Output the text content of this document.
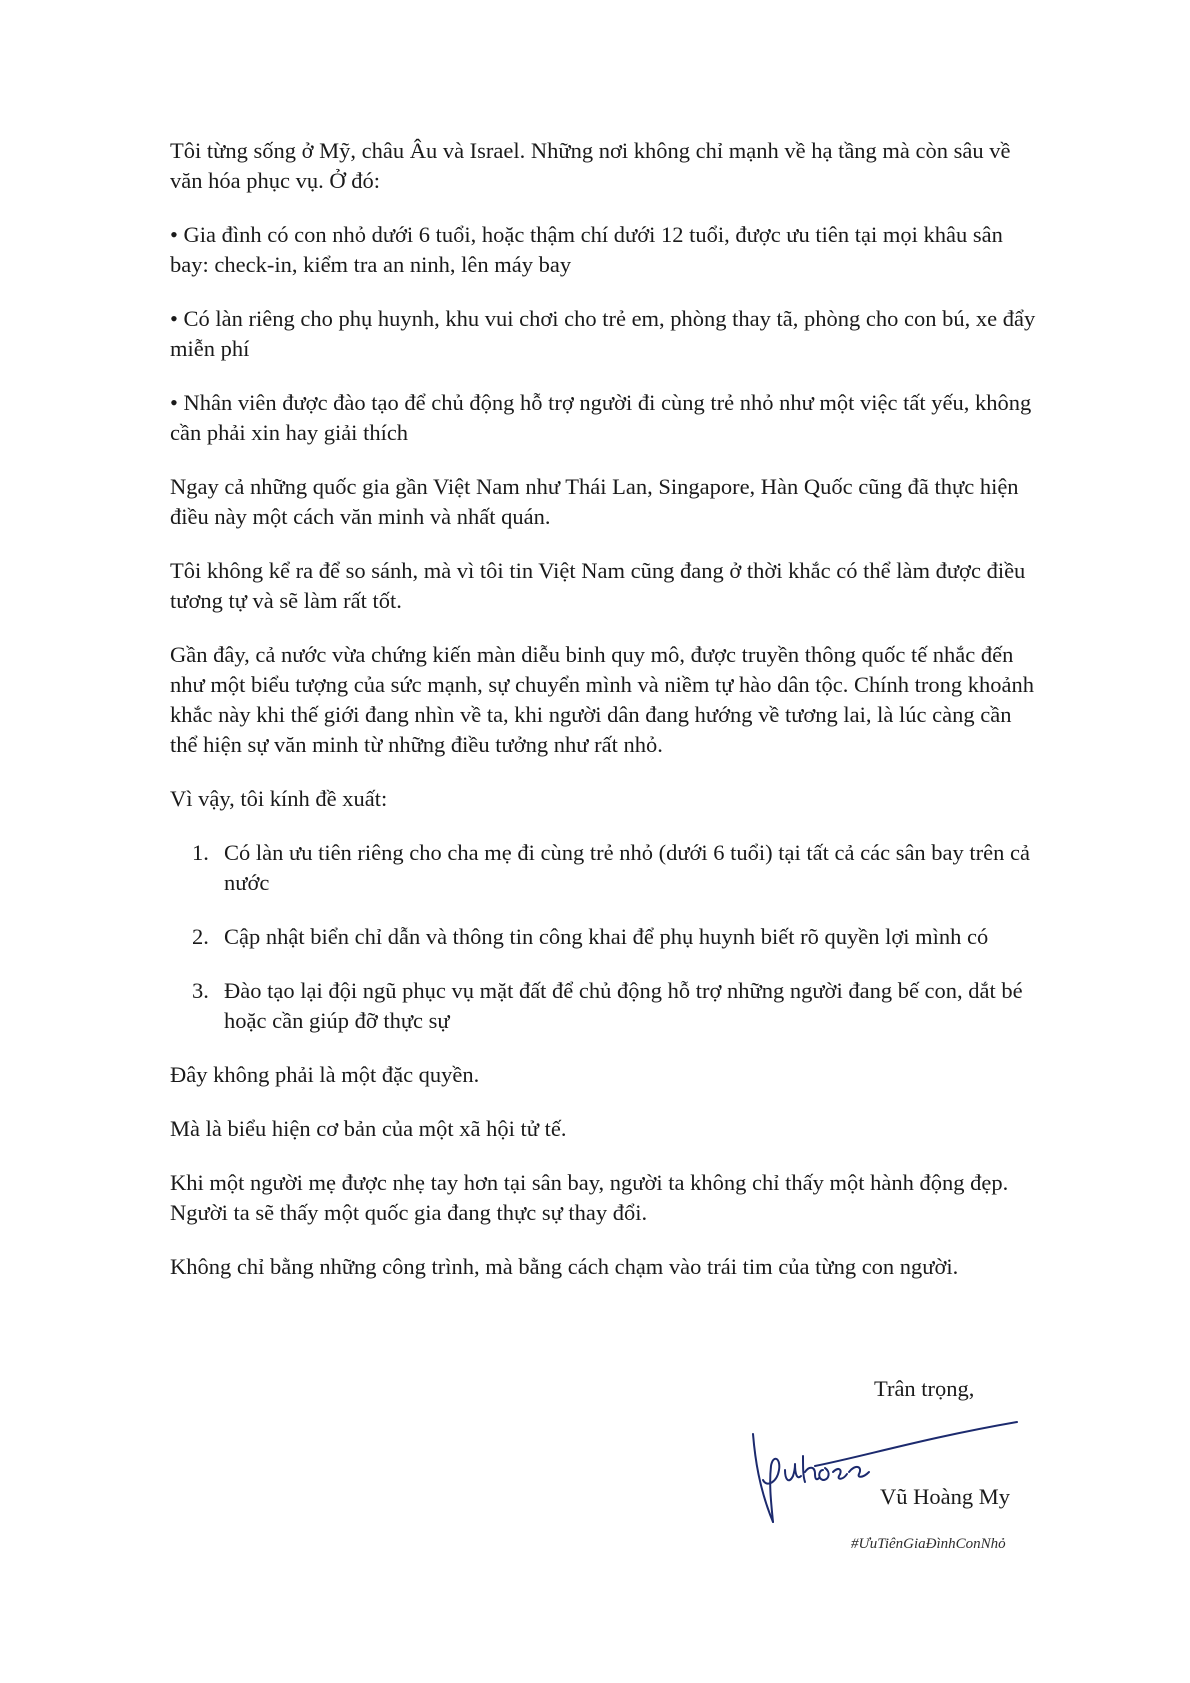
Tôi từng sống ở Mỹ, châu Âu và Israel. Những nơi không chỉ mạnh về hạ tầng mà còn sâu về văn hóa phục vụ. Ở đó:

• Gia đình có con nhỏ dưới 6 tuổi, hoặc thậm chí dưới 12 tuổi, được ưu tiên tại mọi khâu sân bay: check-in, kiểm tra an ninh, lên máy bay

• Có làn riêng cho phụ huynh, khu vui chơi cho trẻ em, phòng thay tã, phòng cho con bú, xe đẩy miễn phí

• Nhân viên được đào tạo để chủ động hỗ trợ người đi cùng trẻ nhỏ như một việc tất yếu, không cần phải xin hay giải thích

Ngay cả những quốc gia gần Việt Nam như Thái Lan, Singapore, Hàn Quốc cũng đã thực hiện điều này một cách văn minh và nhất quán.

Tôi không kể ra để so sánh, mà vì tôi tin Việt Nam cũng đang ở thời khắc có thể làm được điều tương tự và sẽ làm rất tốt.

Gần đây, cả nước vừa chứng kiến màn diễu binh quy mô, được truyền thông quốc tế nhắc đến như một biểu tượng của sức mạnh, sự chuyển mình và niềm tự hào dân tộc. Chính trong khoảnh khắc này khi thế giới đang nhìn về ta, khi người dân đang hướng về tương lai, là lúc càng cần thể hiện sự văn minh từ những điều tưởng như rất nhỏ.

Vì vậy, tôi kính đề xuất:

1. Có làn ưu tiên riêng cho cha mẹ đi cùng trẻ nhỏ (dưới 6 tuổi) tại tất cả các sân bay trên cả nước
2. Cập nhật biển chỉ dẫn và thông tin công khai để phụ huynh biết rõ quyền lợi mình có
3. Đào tạo lại đội ngũ phục vụ mặt đất để chủ động hỗ trợ những người đang bế con, dắt bé hoặc cần giúp đỡ thực sự

Đây không phải là một đặc quyền.

Mà là biểu hiện cơ bản của một xã hội tử tế.

Khi một người mẹ được nhẹ tay hơn tại sân bay, người ta không chỉ thấy một hành động đẹp. Người ta sẽ thấy một quốc gia đang thực sự thay đổi.

Không chỉ bằng những công trình, mà bằng cách chạm vào trái tim của từng con người.

Trân trọng,
Vũ Hoàng My
#ƯuTiênGiaĐìnhConNhỏ
